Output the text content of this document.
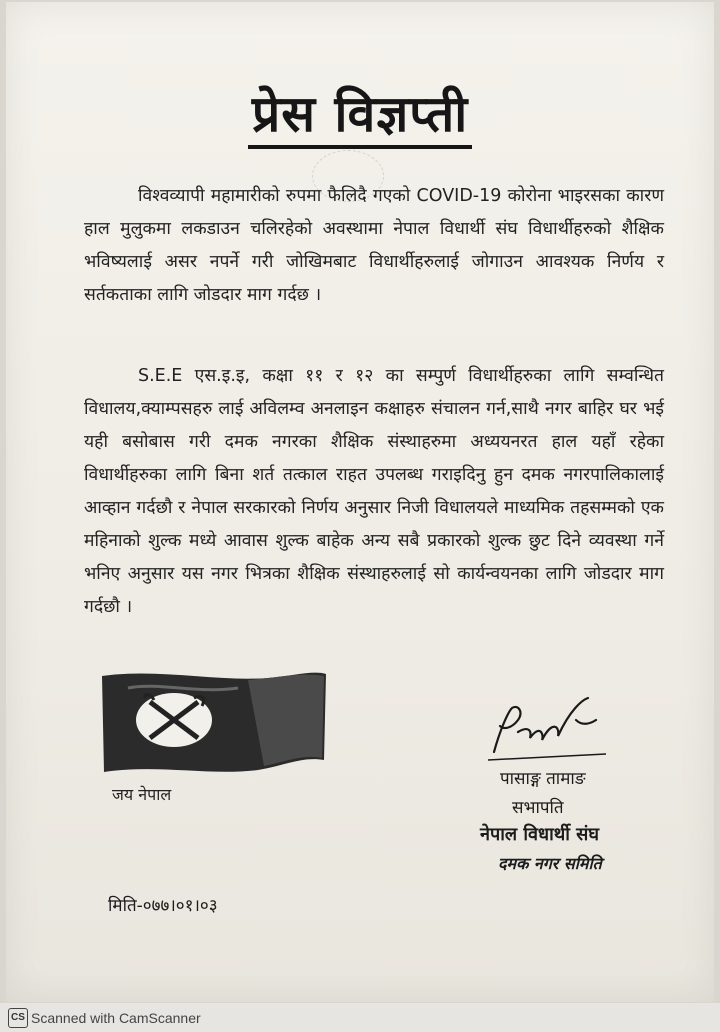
प्रेस विज्ञप्ती
विश्वव्यापी महामारीको रुपमा फैलिदै गएको COVID-19 कोरोना भाइरसका कारण हाल मुलुकमा लकडाउन चलिरहेको अवस्थामा नेपाल विधार्थी संघ विधार्थीहरुको शैक्षिक भविष्यलाई असर नपर्ने गरी जोखिमबाट विधार्थीहरुलाई जोगाउन आवश्यक निर्णय र सर्तकताका लागि जोडदार माग गर्दछ ।
S.E.E एस.इ.इ, कक्षा ११ र १२ का सम्पुर्ण विधार्थीहरुका लागि सम्वन्धित विधालय,क्याम्पसहरु लाई अविलम्व अनलाइन कक्षाहरु संचालन गर्न,साथै नगर बाहिर घर भई यही बसोबास गरी दमक नगरका शैक्षिक संस्थाहरुमा अध्ययनरत हाल यहाँ रहेका विधार्थीहरुका लागि बिना शर्त तत्काल राहत उपलब्ध गराइदिनु हुन दमक नगरपालिकालाई आव्हान गर्दछौ र नेपाल सरकारको निर्णय अनुसार निजी विधालयले माध्यमिक तहसम्मको एक महिनाको शुल्क मध्ये आवास शुल्क बाहेक अन्य सबै प्रकारको शुल्क छुट दिने व्यवस्था गर्ने भनिए अनुसार यस नगर भित्रका शैक्षिक संस्थाहरुलाई सो कार्यन्वयनका लागि जोडदार माग गर्दछौ ।
जय नेपाल
पासाङ्ग तामाङ
सभापति
नेपाल विधार्थी संघ
दमक नगर समिति
मिति-०७७।०१।०३
CS Scanned with CamScanner
